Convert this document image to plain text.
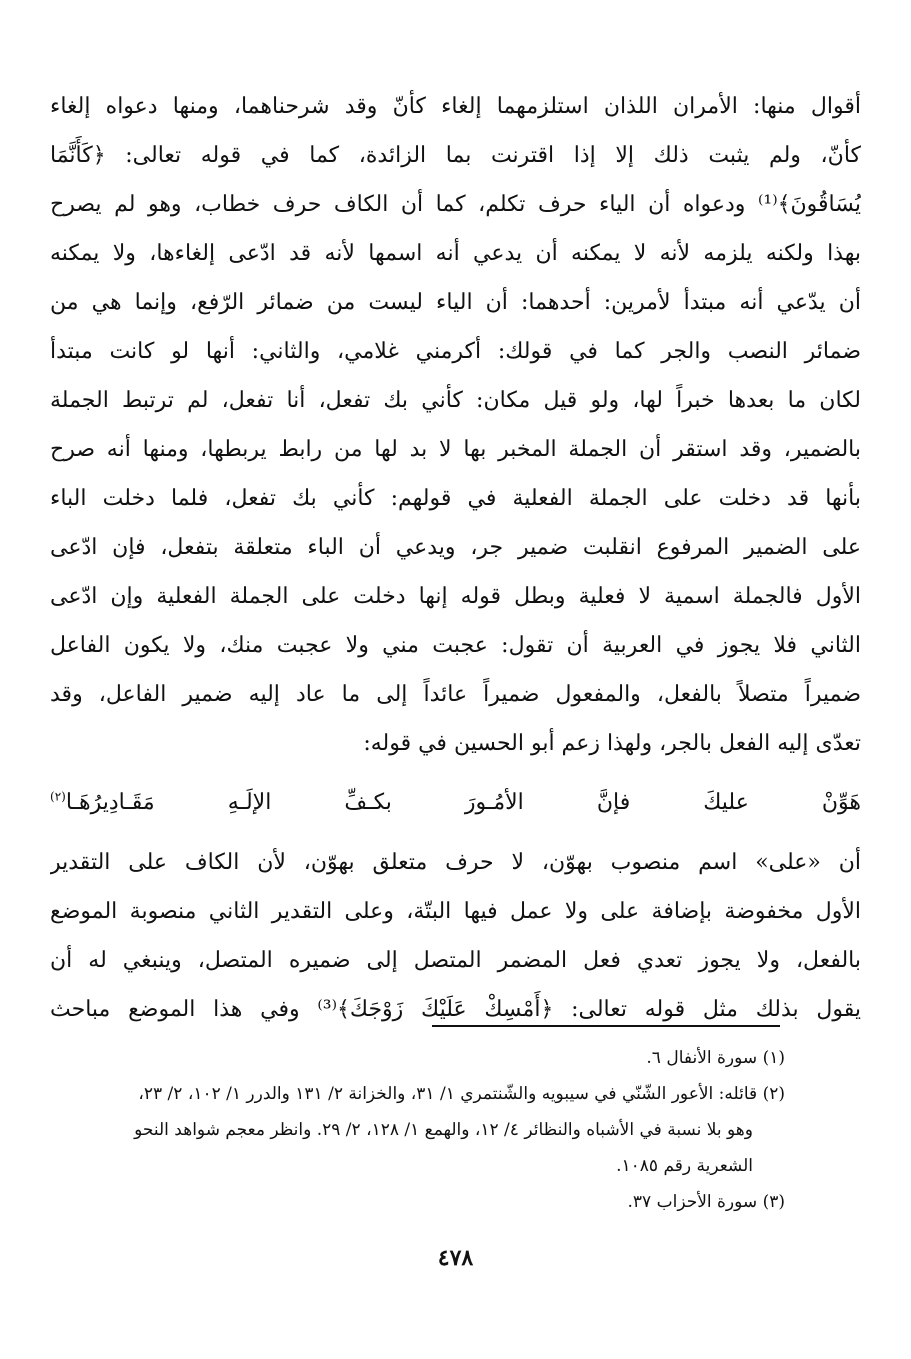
أقوال منها: الأمران اللذان استلزمهما إلغاء كأنّ وقد شرحناهما، ومنها دعواه إلغاء
كأنّ، ولم يثبت ذلك إلا إذا اقترنت بما الزائدة، كما في قوله تعالى: ﴿كَأَنَّمَا
يُسَاقُونَ﴾⁽¹⁾ ودعواه أن الياء حرف تكلم، كما أن الكاف حرف خطاب، وهو لم يصرح
بهذا ولكنه يلزمه لأنه لا يمكنه أن يدعي أنه اسمها لأنه قد ادّعى إلغاءها، ولا يمكنه
أن يدّعي أنه مبتدأ لأمرين: أحدهما: أن الياء ليست من ضمائر الرّفع، وإنما هي من
ضمائر النصب والجر كما في قولك: أكرمني غلامي، والثاني: أنها لو كانت مبتدأ
لكان ما بعدها خبراً لها، ولو قيل مكان: كأني بك تفعل، أنا تفعل، لم ترتبط الجملة
بالضمير، وقد استقر أن الجملة المخبر بها لا بد لها من رابط يربطها، ومنها أنه صرح
بأنها قد دخلت على الجملة الفعلية في قولهم: كأني بك تفعل، فلما دخلت الباء
على الضمير المرفوع انقلبت ضمير جر، ويدعي أن الباء متعلقة بتفعل، فإن ادّعى
الأول فالجملة اسمية لا فعلية وبطل قوله إنها دخلت على الجملة الفعلية وإن ادّعى
الثاني فلا يجوز في العربية أن تقول: عجبت مني ولا عجبت منك، ولا يكون الفاعل
ضميراً متصلاً بالفعل، والمفعول ضميراً عائداً إلى ما عاد إليه ضمير الفاعل، وقد
تعدّى إليه الفعل بالجر، ولهذا زعم أبو الحسين في قوله:
هَوِّنْ
عليكَ
فإنَّ
الأمُـورَ
بكـفِّ
الإلَـهِ
مَقَـادِيرُهَـا$^{(٢)}$
أن «على» اسم منصوب بهوّن، لا حرف متعلق بهوّن، لأن الكاف على التقدير
الأول مخفوضة بإضافة على ولا عمل فيها البتّة، وعلى التقدير الثاني منصوبة الموضع
بالفعل، ولا يجوز تعدي فعل المضمر المتصل إلى ضميره المتصل، وينبغي له أن
يقول بذلك مثل قوله تعالى: ﴿أَمْسِكْ عَلَيْكَ زَوْجَكَ﴾⁽³⁾ وفي هذا الموضع مباحث
(١) سورة الأنفال ٦.
(٢) قائله: الأعور الشّنّي في سيبويه والشّنتمري ١/ ٣١، والخزانة ٢/ ١٣١ والدرر ١/ ١٠٢، ٢/ ٢٣،
وهو بلا نسبة في الأشباه والنظائر ٤/ ١٢، والهمع ١/ ١٢٨، ٢/ ٢٩. وانظر معجم شواهد النحو
الشعرية رقم ١٠٨٥.
(٣) سورة الأحزاب ٣٧.
٤٧٨
